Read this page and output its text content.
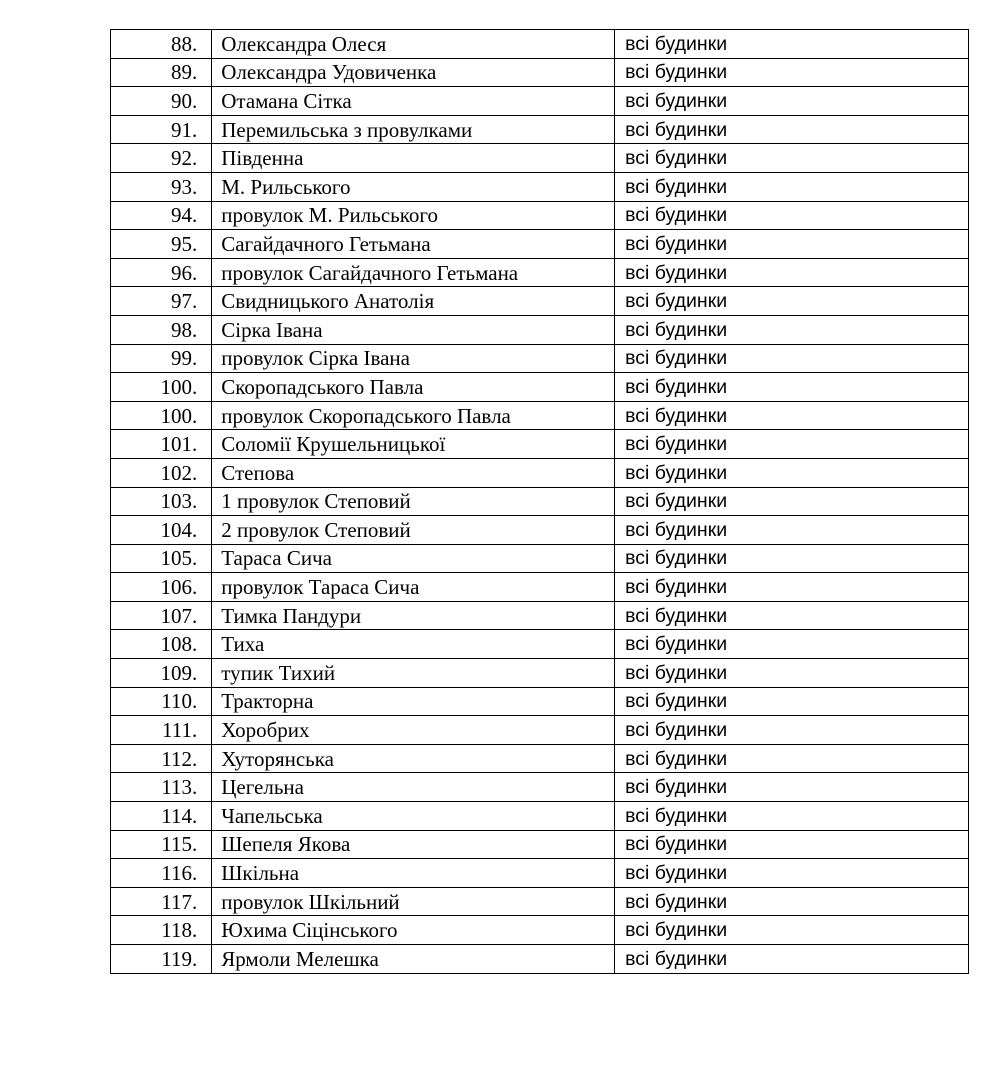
88.	Олександра Олеся	всі будинки
89.	Олександра Удовиченка	всі будинки
90.	Отамана Сітка	всі будинки
91.	Перемильська з провулками	всі будинки
92.	Південна	всі будинки
93.	М. Рильського	всі будинки
94.	провулок М. Рильського	всі будинки
95.	Сагайдачного Гетьмана	всі будинки
96.	провулок Сагайдачного Гетьмана	всі будинки
97.	Свидницького Анатолія	всі будинки
98.	Сірка Івана	всі будинки
99.	провулок Сірка Івана	всі будинки
100.	Скоропадського Павла	всі будинки
100.	провулок Скоропадського Павла	всі будинки
101.	Соломії Крушельницької	всі будинки
102.	Степова	всі будинки
103.	1 провулок Степовий	всі будинки
104.	2 провулок Степовий	всі будинки
105.	Тараса Сича	всі будинки
106.	провулок Тараса Сича	всі будинки
107.	Тимка Пандури	всі будинки
108.	Тиха	всі будинки
109.	тупик Тихий	всі будинки
110.	Тракторна	всі будинки
111.	Хоробрих	всі будинки
112.	Хуторянська	всі будинки
113.	Цегельна	всі будинки
114.	Чапельська	всі будинки
115.	Шепеля Якова	всі будинки
116.	Шкільна	всі будинки
117.	провулок Шкільний	всі будинки
118.	Юхима Сіцінського	всі будинки
119.	Ярмоли Мелешка	всі будинки
